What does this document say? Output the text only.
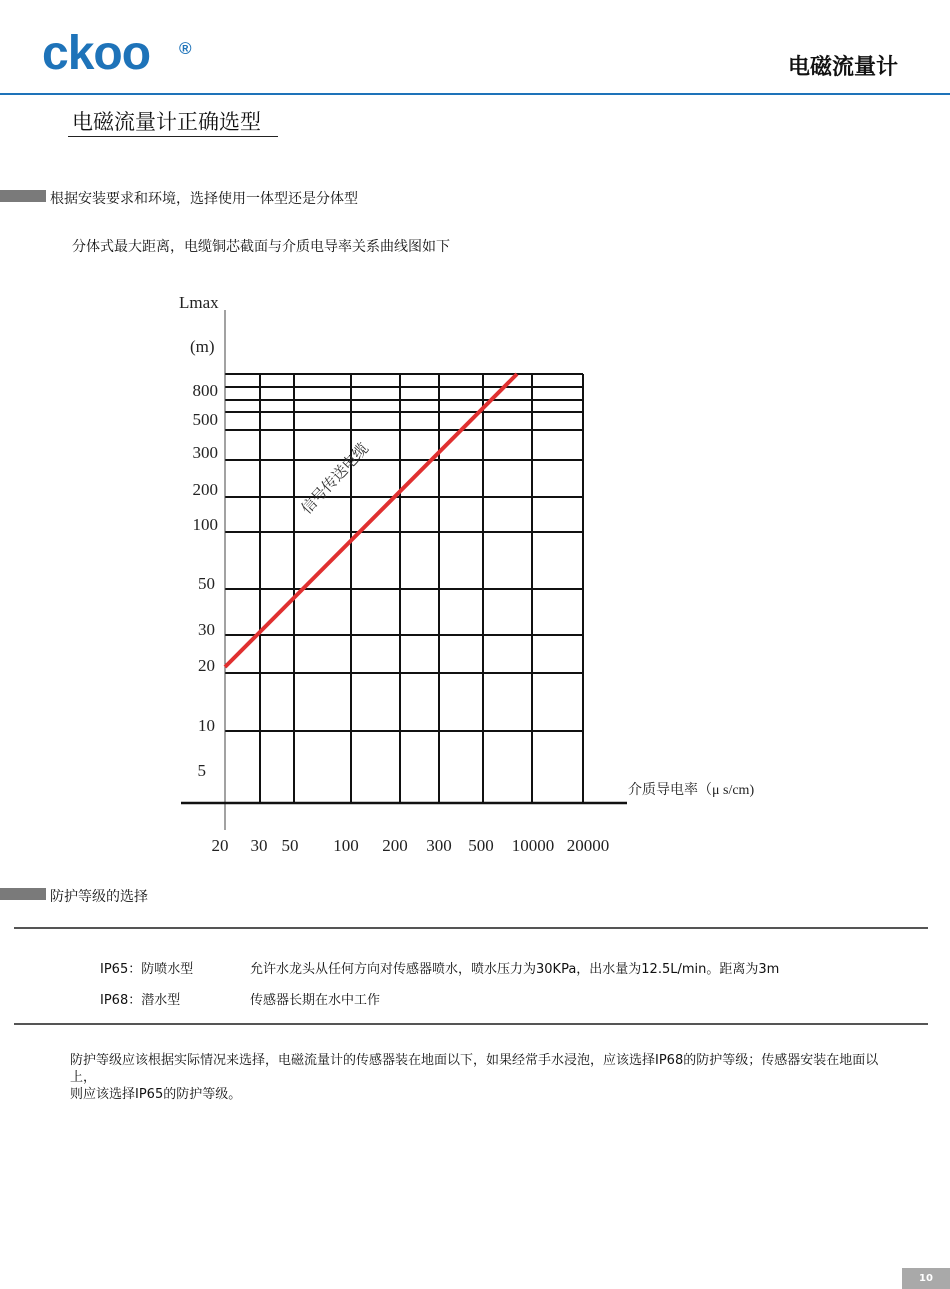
ckoo ®
电磁流量计
电磁流量计正确选型
根据安装要求和环境，选择使用一体型还是分体型
分体式最大距离，电缆铜芯截面与介质电导率关系曲线图如下
Lmax
(m)
800
500
300
200
100
50
30
20
10
5
20 30 50 100 200 300 500 10000 20000
介质导电率（μ s/cm)
信号传送电缆
防护等级的选择
IP65：防喷水型	允许水龙头从任何方向对传感器喷水，喷水压力为30KPa，出水量为12.5L/min。距离为3m
IP68：潜水型	传感器长期在水中工作
防护等级应该根据实际情况来选择，电磁流量计的传感器装在地面以下，如果经常手水浸泡，应该选择IP68的防护等级；传感器安装在地面以上，
则应该选择IP65的防护等级。
10
